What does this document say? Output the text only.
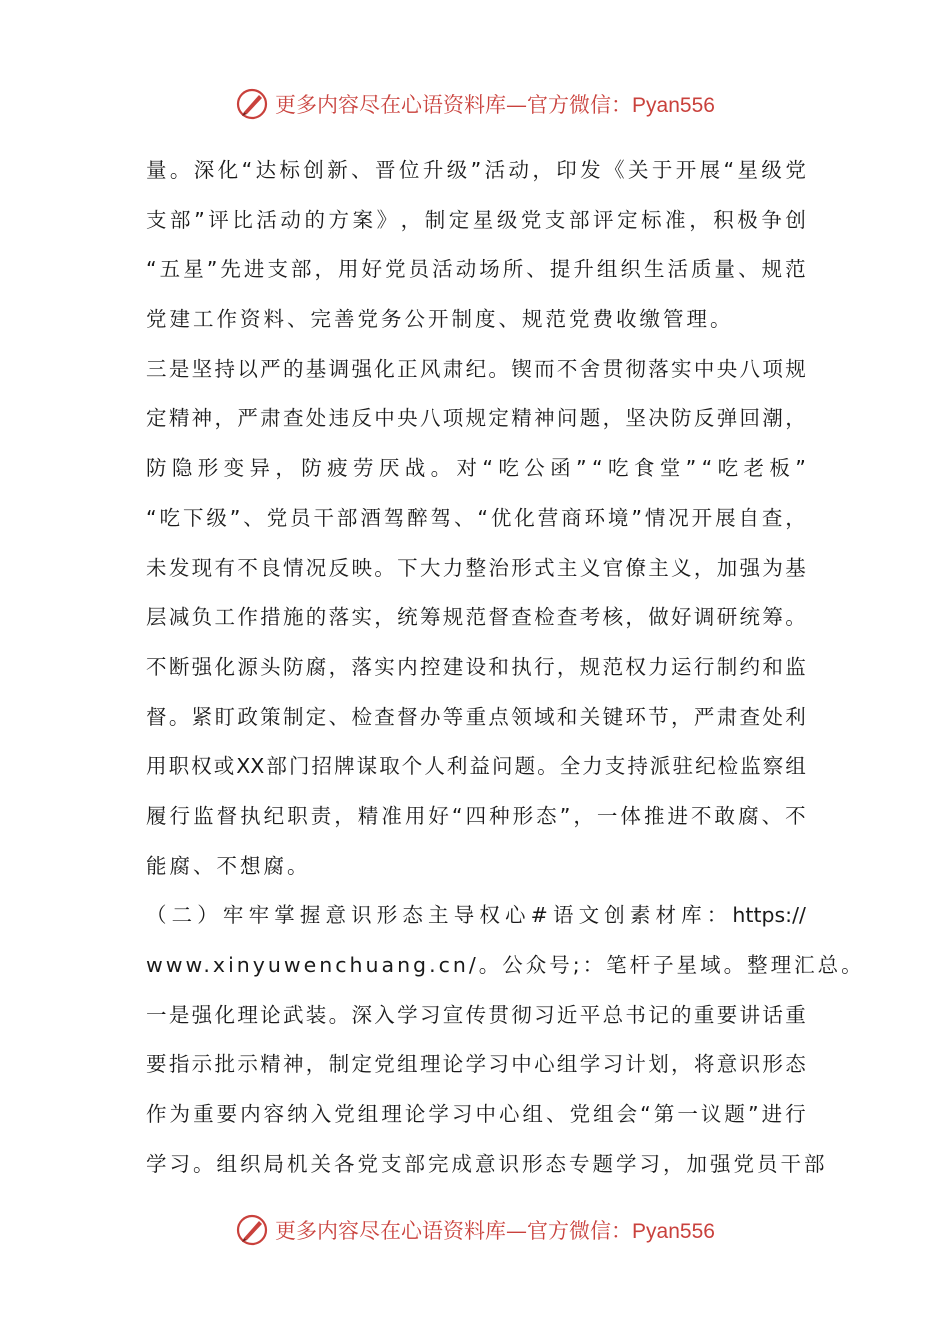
更多内容尽在心语资料库—官方微信：Pyan556
量 。 深 化 “ 达 标 创 新 、 晋 位 升 级 ” 活 动 ， 印 发 《 关 于 开 展 “ 星 级 党
支 部 ” 评 比 活 动 的 方 案 》 ， 制 定 星 级 党 支 部 评 定 标 准 ， 积 极 争 创
“ 五 星 ” 先 进 支 部 ， 用 好 党 员 活 动 场 所 、 提 升 组 织 生 活 质 量 、 规 范
党建工作资料、完善党务公开制度、规范党费收缴管理。
三 是 坚 持 以 严 的 基 调 强 化 正 风 肃 纪 。 锲 而 不 舍 贯 彻 落 实 中 央 八 项 规
定 精 神 ， 严 肃 查 处 违 反 中 央 八 项 规 定 精 神 问 题 ， 坚 决 防 反 弹 回 潮 ，
防 隐 形 变 异 ， 防 疲 劳 厌 战 。 对 “ 吃 公 函 ” “ 吃 食 堂 ” “ 吃 老 板 ”
“ 吃 下 级 ” 、 党 员 干 部 酒 驾 醉 驾 、 “ 优 化 营 商 环 境 ” 情 况 开 展 自 查 ，
未 发 现 有 不 良 情 况 反 映 。 下 大 力 整 治 形 式 主 义 官 僚 主 义 ， 加 强 为 基
层 减 负 工 作 措 施 的 落 实 ， 统 筹 规 范 督 查 检 查 考 核 ， 做 好 调 研 统 筹 。
不 断 强 化 源 头 防 腐 ， 落 实 内 控 建 设 和 执 行 ， 规 范 权 力 运 行 制 约 和 监
督 。 紧 盯 政 策 制 定 、 检 查 督 办 等 重 点 领 域 和 关 键 环 节 ， 严 肃 查 处 利
用 职 权 或 XX 部 门 招 牌 谋 取 个 人 利 益 问 题 。 全 力 支 持 派 驻 纪 检 监 察 组
履 行 监 督 执 纪 职 责 ， 精 准 用 好 “ 四 种 形 态 ” ， 一 体 推 进 不 敢 腐 、 不
能腐、不想腐。
（ 二 ） 牢 牢 掌 握 意 识 形 态 主 导 权 心 # 语 文 创 素 材 库 ： https://
www.xinyuwenchuang.cn/。公众号;：笔杆子星域。整理汇总。
一 是 强 化 理 论 武 装 。 深 入 学 习 宣 传 贯 彻 习 近 平 总 书 记 的 重 要 讲 话 重
要 指 示 批 示 精 神 ， 制 定 党 组 理 论 学 习 中 心 组 学 习 计 划 ， 将 意 识 形 态
作 为 重 要 内 容 纳 入 党 组 理 论 学 习 中 心 组 、 党 组 会 “ 第 一 议 题 ” 进 行
学习。组织局机关各党支部完成意识形态专题学习，加强党员干部
更多内容尽在心语资料库—官方微信：Pyan556
